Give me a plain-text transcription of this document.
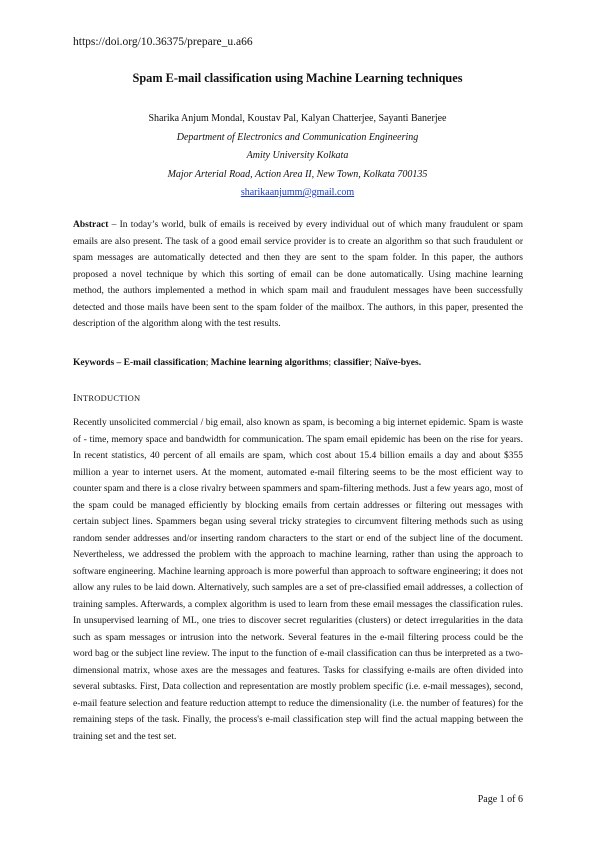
https://doi.org/10.36375/prepare_u.a66
Spam E-mail classification using Machine Learning techniques
Sharika Anjum Mondal, Koustav Pal, Kalyan Chatterjee, Sayanti Banerjee
Department of Electronics and Communication Engineering
Amity University Kolkata
Major Arterial Road, Action Area II, New Town, Kolkata 700135
sharikaanjumm@gmail.com
Abstract – In today’s world, bulk of emails is received by every individual out of which many fraudulent or spam emails are also present. The task of a good email service provider is to create an algorithm so that such fraudulent or spam messages are automatically detected and then they are sent to the spam folder. In this paper, the authors proposed a novel technique by which this sorting of email can be done automatically. Using machine learning method, the authors implemented a method in which spam mail and fraudulent messages have been successfully detected and those mails have been sent to the spam folder of the mailbox. The authors, in this paper, presented the description of the algorithm along with the test results.
Keywords – E-mail classification; Machine learning algorithms; classifier; Naïve-byes.
INTRODUCTION
Recently unsolicited commercial / big email, also known as spam, is becoming a big internet epidemic. Spam is waste of - time, memory space and bandwidth for communication. The spam email epidemic has been on the rise for years. In recent statistics, 40 percent of all emails are spam, which cost about 15.4 billion emails a day and about $355 million a year to internet users. At the moment, automated e-mail filtering seems to be the most efficient way to counter spam and there is a close rivalry between spammers and spam-filtering methods. Just a few years ago, most of the spam could be managed efficiently by blocking emails from certain addresses or filtering out messages with certain subject lines. Spammers began using several tricky strategies to circumvent filtering methods such as using random sender addresses and/or inserting random characters to the start or end of the subject line of the document. Nevertheless, we addressed the problem with the approach to machine learning, rather than using the approach to software engineering. Machine learning approach is more powerful than approach to software engineering; it does not allow any rules to be laid down. Alternatively, such samples are a set of pre-classified email addresses, a collection of training samples. Afterwards, a complex algorithm is used to learn from these email messages the classification rules. In unsupervised learning of ML, one tries to discover secret regularities (clusters) or detect irregularities in the data such as spam messages or intrusion into the network. Several features in the e-mail filtering process could be the word bag or the subject line review. The input to the function of e-mail classification can thus be interpreted as a two-dimensional matrix, whose axes are the messages and features. Tasks for classifying e-mails are often divided into several subtasks. First, Data collection and representation are mostly problem specific (i.e. e-mail messages), second, e-mail feature selection and feature reduction attempt to reduce the dimensionality (i.e. the number of features) for the remaining steps of the task. Finally, the process's e-mail classification step will find the actual mapping between the training set and the test set.
Page 1 of 6
